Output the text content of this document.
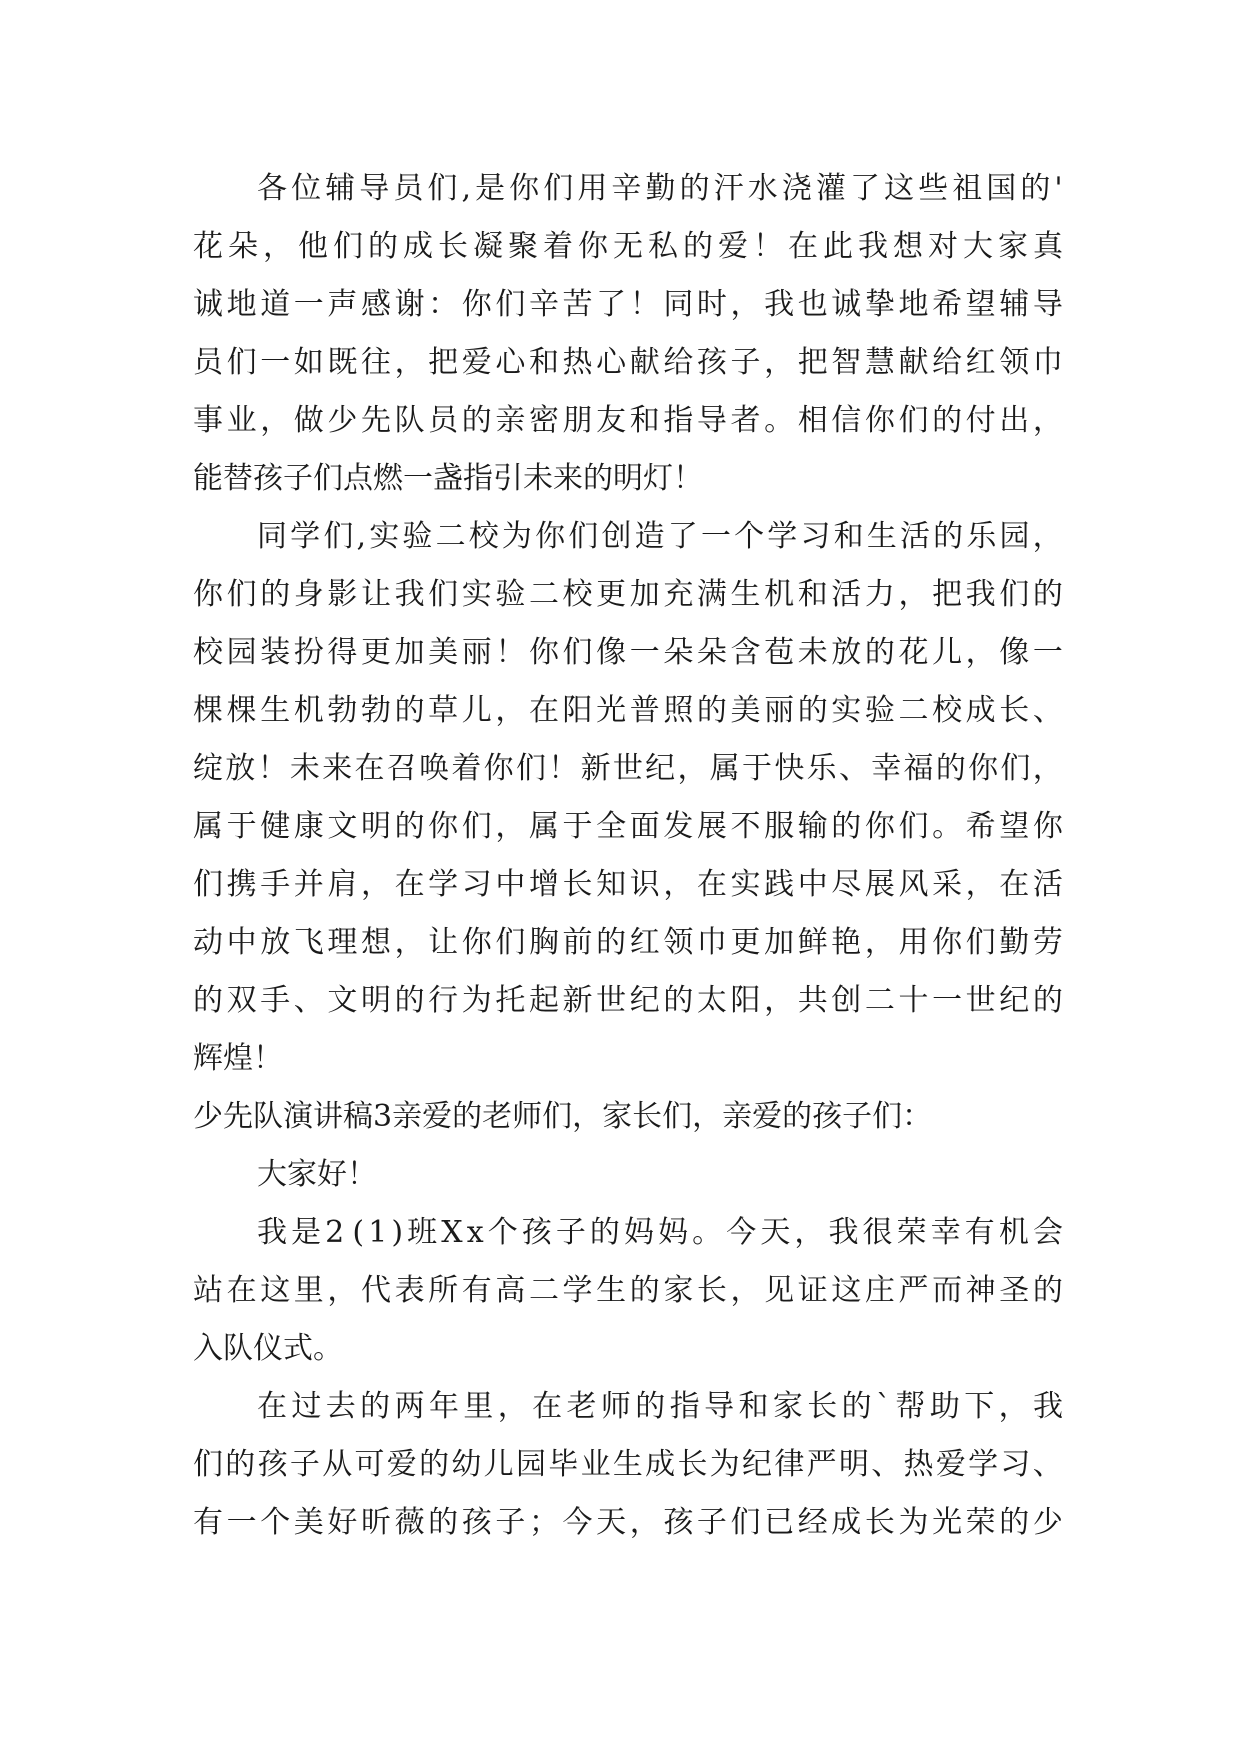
各 位 辅 导 员 们 , 是 你 们 用 辛 勤 的 汗 水 浇 灌 了 这 些 祖 国 的 '

花 朵 ， 他 们 的 成 长 凝 聚 着 你 无 私 的 爱 ！ 在 此 我 想 对 大 家 真

诚 地 道 一 声 感 谢 ： 你 们 辛 苦 了 ！ 同 时 ， 我 也 诚 挚 地 希 望 辅 导

员 们 一 如 既 往 ， 把 爱 心 和 热 心 献 给 孩 子 ， 把 智 慧 献 给 红 领 巾

事 业 ， 做 少 先 队 员 的 亲 密 朋 友 和 指 导 者 。 相 信 你 们 的 付 出 ，

能替孩子们点燃一盏指引未来的明灯！

同 学 们 , 实 验 二 校 为 你 们 创 造 了 一 个 学 习 和 生 活 的 乐 园 ，

你 们 的 身 影 让 我 们 实 验 二 校 更 加 充 满 生 机 和 活 力 ， 把 我 们 的

校 园 装 扮 得 更 加 美 丽 ！ 你 们 像 一 朵 朵 含 苞 未 放 的 花 儿 ， 像 一

棵 棵 生 机 勃 勃 的 草 儿 ， 在 阳 光 普 照 的 美 丽 的 实 验 二 校 成 长 、

绽 放 ！ 未 来 在 召 唤 着 你 们 ！ 新 世 纪 ， 属 于 快 乐 、 幸 福 的 你 们 ，

属 于 健 康 文 明 的 你 们 ， 属 于 全 面 发 展 不 服 输 的 你 们 。 希 望 你

们 携 手 并 肩 ， 在 学 习 中 增 长 知 识 ， 在 实 践 中 尽 展 风 采 ， 在 活

动 中 放 飞 理 想 ， 让 你 们 胸 前 的 红 领 巾 更 加 鲜 艳 ， 用 你 们 勤 劳

的 双 手 、 文 明 的 行 为 托 起 新 世 纪 的 太 阳 ， 共 创 二 十 一 世 纪 的

辉煌！

少先队演讲稿3亲爱的老师们，家长们，亲爱的孩子们：

大家好！

我 是 2 ( 1 ) 班 X x 个 孩 子 的 妈 妈 。 今 天 ， 我 很 荣 幸 有 机 会

站 在 这 里 ， 代 表 所 有 高 二 学 生 的 家 长 ， 见 证 这 庄 严 而 神 圣 的

入队仪式。

在 过 去 的 两 年 里 ， 在 老 师 的 指 导 和 家 长 的 ` 帮 助 下 ， 我

们 的 孩 子 从 可 爱 的 幼 儿 园 毕 业 生 成 长 为 纪 律 严 明 、 热 爱 学 习 、

有 一 个 美 好 昕 薇 的 孩 子 ； 今 天 ， 孩 子 们 已 经 成 长 为 光 荣 的 少
